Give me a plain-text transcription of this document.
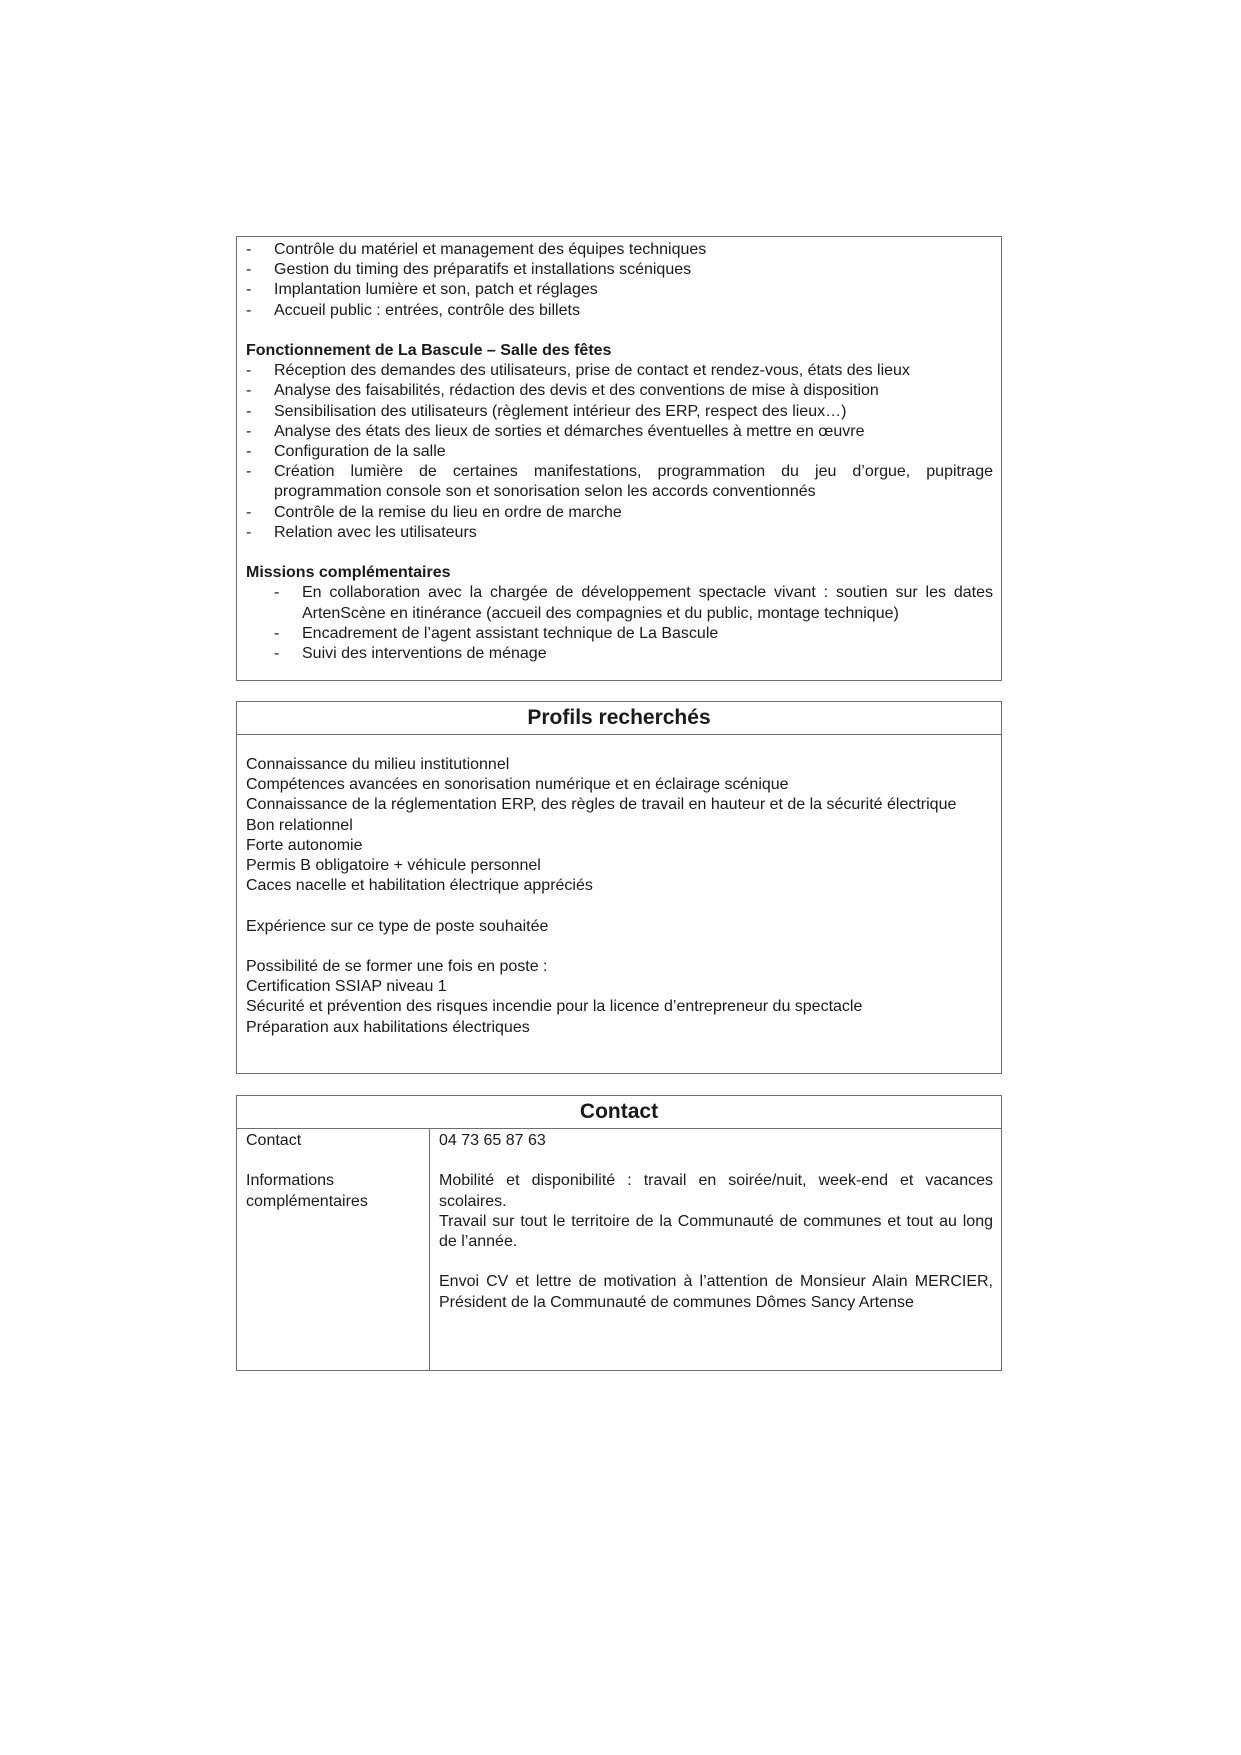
- Contrôle du matériel et management des équipes techniques
- Gestion du timing des préparatifs et installations scéniques
- Implantation lumière et son, patch et réglages
- Accueil public : entrées, contrôle des billets
Fonctionnement de La Bascule – Salle des fêtes
- Réception des demandes des utilisateurs, prise de contact et rendez-vous, états des lieux
- Analyse des faisabilités, rédaction des devis et des conventions de mise à disposition
- Sensibilisation des utilisateurs (règlement intérieur des ERP, respect des lieux…)
- Analyse des états des lieux de sorties et démarches éventuelles à mettre en œuvre
- Configuration de la salle
- Création lumière de certaines manifestations, programmation du jeu d’orgue, pupitrage programmation console son et sonorisation selon les accords conventionnés
- Contrôle de la remise du lieu en ordre de marche
- Relation avec les utilisateurs
Missions complémentaires
- En collaboration avec la chargée de développement spectacle vivant : soutien sur les dates ArtenScène en itinérance (accueil des compagnies et du public, montage technique)
- Encadrement de l’agent assistant technique de La Bascule
- Suivi des interventions de ménage
Profils recherchés
Connaissance du milieu institutionnel
Compétences avancées en sonorisation numérique et en éclairage scénique
Connaissance de la réglementation ERP, des règles de travail en hauteur et de la sécurité électrique
Bon relationnel
Forte autonomie
Permis B obligatoire + véhicule personnel
Caces nacelle et habilitation électrique appréciés
Expérience sur ce type de poste souhaitée
Possibilité de se former une fois en poste :
Certification SSIAP niveau 1
Sécurité et prévention des risques incendie pour la licence d’entrepreneur du spectacle
Préparation aux habilitations électriques
Contact
Contact
Informations complémentaires
04 73 65 87 63
Mobilité et disponibilité : travail en soirée/nuit, week-end et vacances scolaires.
Travail sur tout le territoire de la Communauté de communes et tout au long de l’année.
Envoi CV et lettre de motivation à l’attention de Monsieur Alain MERCIER, Président de la Communauté de communes Dômes Sancy Artense
